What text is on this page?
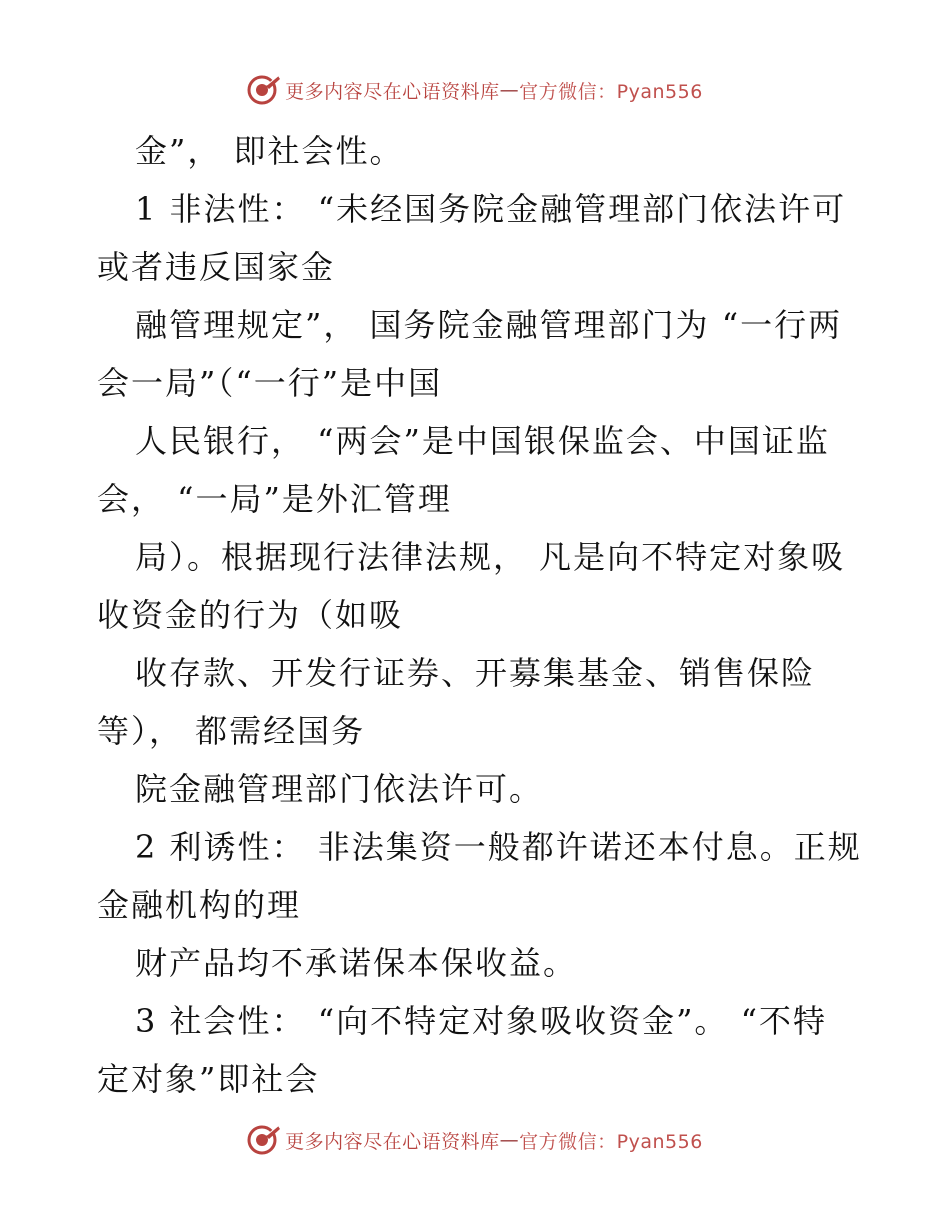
更多内容尽在心语资料库 — 官方微信：Pyan556
金”， 即社会性。
1 非法性： “未经国务院金融管理部门依法许可
或者违反国家金
融管理规定”， 国务院金融管理部门为 “一行两
会一局”（“一行”是中国
人民银行， “两会”是中国银保监会、中国证监
会， “一局”是外汇管理
局）。根据现行法律法规， 凡是向不特定对象吸
收资金的行为（如吸
收存款、开发行证券、开募集基金、销售保险
等）， 都需经国务
院金融管理部门依法许可。
2 利诱性： 非法集资一般都许诺还本付息。正规
金融机构的理
财产品均不承诺保本保收益。
3 社会性： “向不特定对象吸收资金”。 “不特
定对象”即社会
更多内容尽在心语资料库 — 官方微信：Pyan556
